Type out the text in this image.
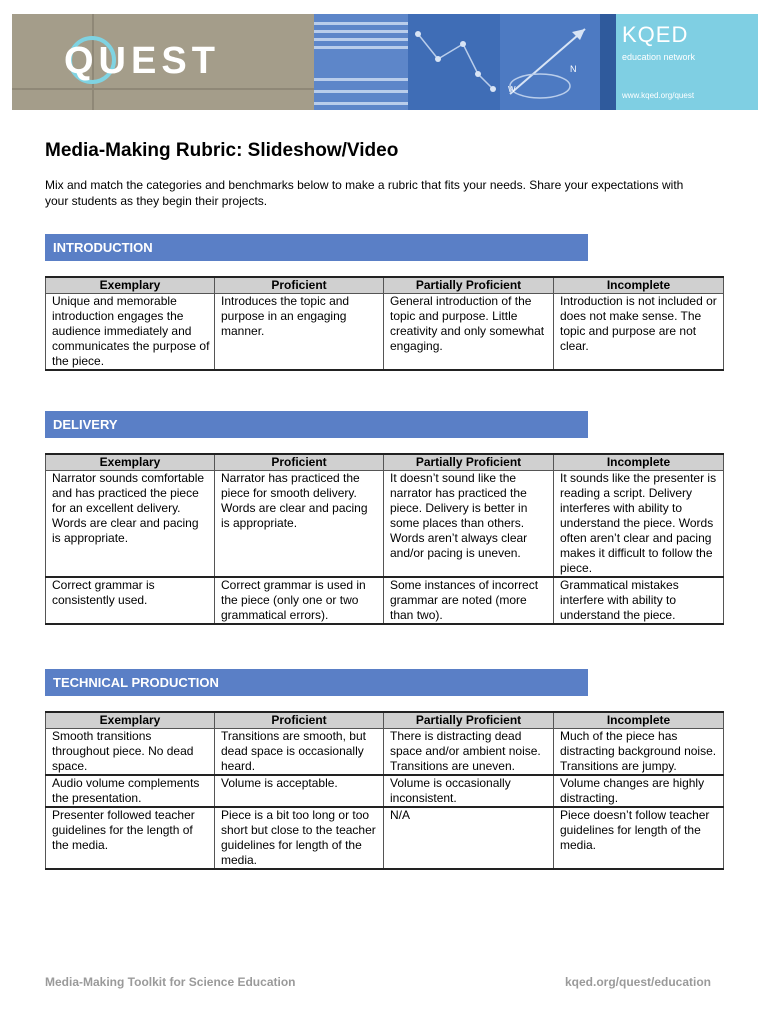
QUEST	N
W
KQED
education network
www.kqed.org/quest
Media-Making Rubric: Slideshow/Video
Mix and match the categories and benchmarks below to make a rubric that fits your needs. Share your expectations with your students as they begin their projects.
INTRODUCTION
Exemplary	Proficient	Partially Proficient	Incomplete
Unique and memorable introduction engages the audience immediately and communicates the purpose of the piece.	Introduces the topic and purpose in an engaging manner.	General introduction of the topic and purpose. Little creativity and only somewhat engaging.	Introduction is not included or does not make sense. The topic and purpose are not clear.
DELIVERY
Exemplary	Proficient	Partially Proficient	Incomplete
Narrator sounds comfortable and has practiced the piece for an excellent delivery. Words are clear and pacing is appropriate.	Narrator has practiced the piece for smooth delivery. Words are clear and pacing is appropriate.	It doesn’t sound like the narrator has practiced the piece. Delivery is better in some places than others. Words aren’t always clear and/or pacing is uneven.	It sounds like the presenter is reading a script. Delivery interferes with ability to understand the piece. Words often aren’t clear and pacing makes it difficult to follow the piece.
Correct grammar is consistently used.	Correct grammar is used in the piece (only one or two grammatical errors).	Some instances of incorrect grammar are noted (more than two).	Grammatical mistakes interfere with ability to understand the piece.
TECHNICAL PRODUCTION
Exemplary	Proficient	Partially Proficient	Incomplete
Smooth transitions throughout piece. No dead space.	Transitions are smooth, but dead space is occasionally heard.	There is distracting dead space and/or ambient noise. Transitions are uneven.	Much of the piece has distracting background noise. Transitions are jumpy.
Audio volume complements the presentation.	Volume is acceptable.	Volume is occasionally inconsistent.	Volume changes are highly distracting.
Presenter followed teacher guidelines for the length of the media.	Piece is a bit too long or too short but close to the teacher guidelines for length of the media.	N/A	Piece doesn’t follow teacher guidelines for length of the media.
Media-Making Toolkit for Science Education	kqed.org/quest/education
